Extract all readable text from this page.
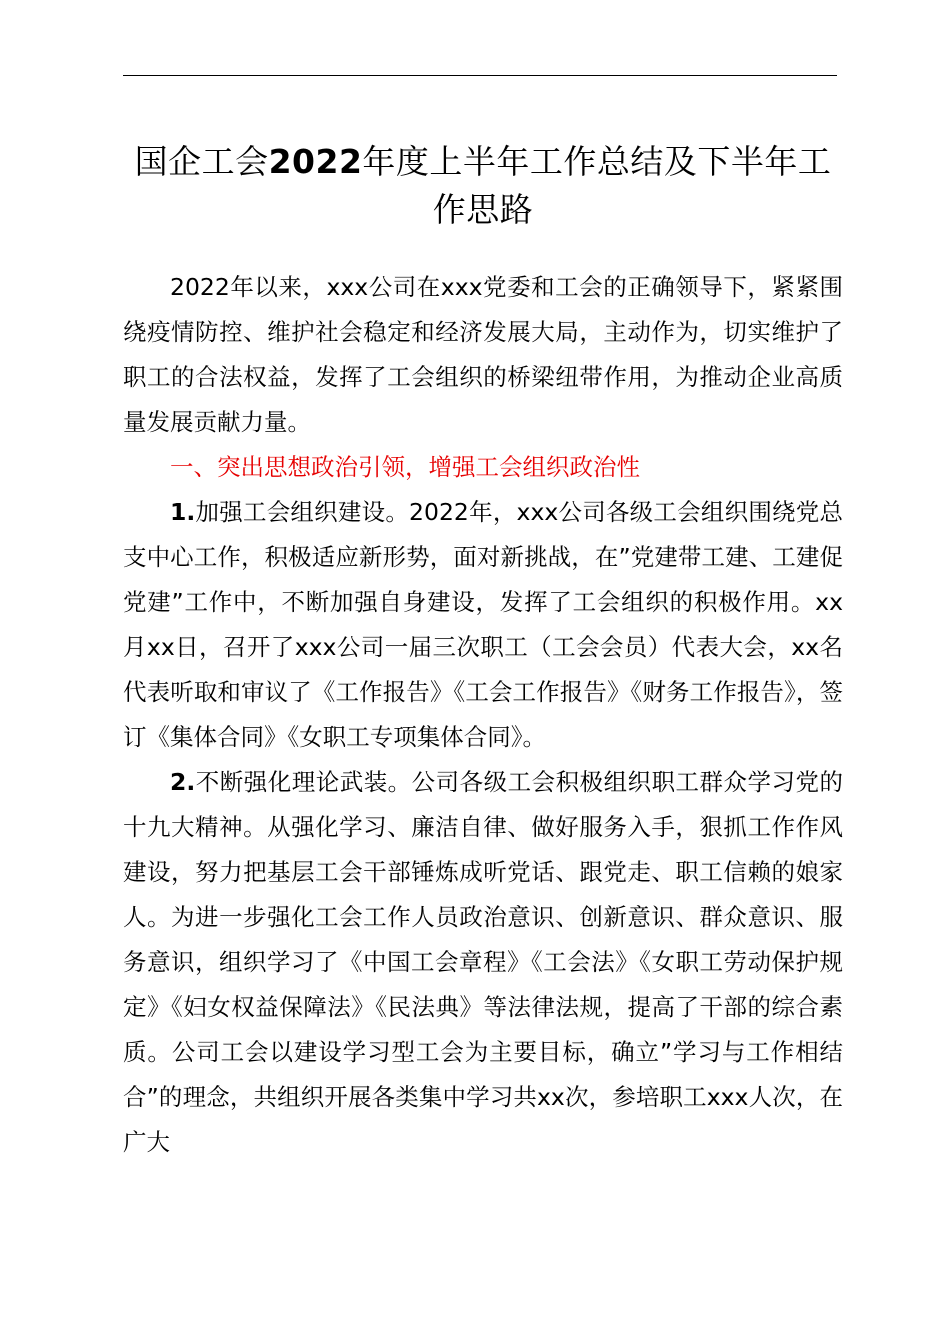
国企工会2022年度上半年工作总结及下半年工作思路

2022年以来，xxx公司在xxx党委和工会的正确领导下，紧紧围绕疫情防控、维护社会稳定和经济发展大局，主动作为，切实维护了职工的合法权益，发挥了工会组织的桥梁纽带作用，为推动企业高质量发展贡献力量。

一、突出思想政治引领，增强工会组织政治性

1.加强工会组织建设。2022年，xxx公司各级工会组织围绕党总支中心工作，积极适应新形势，面对新挑战，在”党建带工建、工建促党建”工作中，不断加强自身建设，发挥了工会组织的积极作用。xx月xx日，召开了xxx公司一届三次职工（工会会员）代表大会，xx名代表听取和审议了《工作报告》《工会工作报告》《财务工作报告》，签订《集体合同》《女职工专项集体合同》。

2.不断强化理论武装。公司各级工会积极组织职工群众学习党的十九大精神。从强化学习、廉洁自律、做好服务入手，狠抓工作作风建设，努力把基层工会干部锤炼成听党话、跟党走、职工信赖的娘家人。为进一步强化工会工作人员政治意识、创新意识、群众意识、服务意识，组织学习了《中国工会章程》《工会法》《女职工劳动保护规定》《妇女权益保障法》《民法典》等法律法规，提高了干部的综合素质。公司工会以建设学习型工会为主要目标，确立”学习与工作相结合”的理念，共组织开展各类集中学习共xx次，参培职工xxx人次，在广大
